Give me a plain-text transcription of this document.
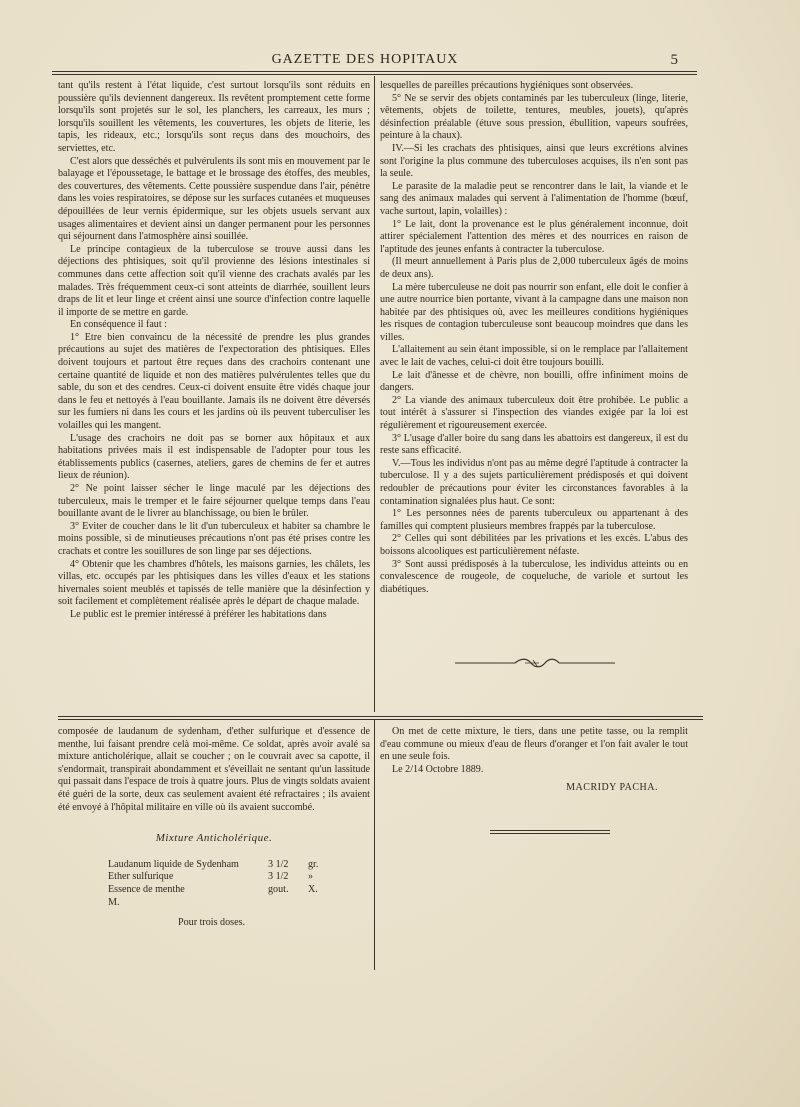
GAZETTE DES HOPITAUX	5

tant qu'ils restent à l'état liquide, c'est surtout lorsqu'ils sont réduits en poussière qu'ils deviennent dangereux. Ils revêtent promptement cette forme lorsqu'ils sont projetés sur le sol, les planchers, les carreaux, les murs ; lorsqu'ils souillent les vêtements, les couvertures, les objets de literie, les tapis, les rideaux, etc.; lorsqu'ils sont reçus dans des mouchoirs, des serviettes, etc.

C'est alors que desséchés et pulvérulents ils sont mis en mouvement par le balayage et l'époussetage, le battage et le brossage des étoffes, des meubles, des couvertures, des vêtements. Cette poussière suspendue dans l'air, pénètre dans les voies respiratoires, se dépose sur les surfaces cutanées et muqueuses dépouillées de leur vernis épidermique, sur les objets usuels servant aux usages alimentaires et devient ainsi un danger permanent pour les personnes qui séjournent dans l'atmosphère ainsi souillée.

Le principe contagieux de la tuberculose se trouve aussi dans les déjections des phtisiques, soit qu'il provienne des lésions intestinales si communes dans cette affection soit qu'il vienne des crachats avalés par les malades. Très fréquemment ceux-ci sont atteints de diarrhée, souillent leurs draps de lit et leur linge et créent ainsi une source d'infection contre laquelle il importe de se mettre en garde.

En conséquence il faut :

1° Etre bien convaincu de la nécessité de prendre les plus grandes précautions au sujet des matières de l'expectoration des phtisiques. Elles doivent toujours et partout être reçues dans des crachoirs contenant une certaine quantité de liquide et non des matières pulvérulentes telles que du sable, du son et des cendres. Ceux-ci doivent ensuite être vidés chaque jour dans le feu et nettoyés à l'eau bouillante. Jamais ils ne doivent être déversés sur les fumiers ni dans les cours et les jardins où ils peuvent tuberculiser les volailles qui les mangent.

L'usage des crachoirs ne doit pas se borner aux hôpitaux et aux habitations privées mais il est indispensable de l'adopter pour tous les établissements publics (casernes, ateliers, gares de chemins de fer et autres lieux de réunion).

2° Ne point laisser sécher le linge maculé par les déjections des tuberculeux, mais le tremper et le faire séjourner quelque temps dans l'eau bouillante avant de le livrer au blanchissage, ou bien le brûler.

3° Eviter de coucher dans le lit d'un tuberculeux et habiter sa chambre le moins possible, si de minutieuses précautions n'ont pas été prises contre les crachats et contre les souillures de son linge par ses déjections.

4° Obtenir que les chambres d'hôtels, les maisons garnies, les châlets, les villas, etc. occupés par les phtisiques dans les villes d'eaux et les stations hivernales soient meublés et tapissés de telle manière que la désinfection y soit facilement et complètement réalisée après le départ de chaque malade.

Le public est le premier intéressé à préférer les habitations dans

lesquelles de pareilles précautions hygiéniques sont observées.

5° Ne se servir des objets contaminés par les tuberculeux (linge, literie, vêtements, objets de toilette, tentures, meubles, jouets), qu'après désinfection préalable (étuve sous pression, ébullition, vapeurs soufrées, peinture à la chaux).

IV.—Si les crachats des phtisiques, ainsi que leurs excrétions alvines sont l'origine la plus commune des tuberculoses acquises, ils n'en sont pas la seule.

Le parasite de la maladie peut se rencontrer dans le lait, la viande et le sang des animaux malades qui servent à l'alimentation de l'homme (bœuf, vache surtout, lapin, volailles) :

1° Le lait, dont la provenance est le plus généralement inconnue, doit attirer spécialement l'attention des mères et des nourrices en raison de l'aptitude des jeunes enfants à contracter la tuberculose.

(Il meurt annuellement à Paris plus de 2,000 tuberculeux âgés de moins de deux ans).

La mère tuberculeuse ne doit pas nourrir son enfant, elle doit le confier à une autre nourrice bien portante, vivant à la campagne dans une maison non habitée par des phtisiques où, avec les meilleures conditions hygiéniques les risques de contagion tuberculeuse sont beaucoup moindres que dans les villes.

L'allaitement au sein étant impossible, si on le remplace par l'allaitement avec le lait de vaches, celui-ci doit être toujours bouilli.

Le lait d'ânesse et de chèvre, non bouilli, offre infiniment moins de dangers.

2° La viande des animaux tuberculeux doit être prohibée. Le public a tout intérêt à s'assurer si l'inspection des viandes exigée par la loi est régulièrement et rigoureusement exercée.

3° L'usage d'aller boire du sang dans les abattoirs est dangereux, il est du reste sans efficacité.

V.—Tous les individus n'ont pas au même degré l'aptitude à contracter la tuberculose. Il y a des sujets particulièrement prédisposés et qui doivent redoubler de précautions pour éviter les circonstances favorables à la contamination signalées plus haut. Ce sont:

1° Les personnes nées de parents tuberculeux ou appartenant à des familles qui comptent plusieurs membres frappés par la tuberculose.

2° Celles qui sont débilitées par les privations et les excès. L'abus des boissons alcooliques est particulièrement néfaste.

3° Sont aussi prédisposés à la tuberculose, les individus atteints ou en convalescence de rougeole, de coqueluche, de variole et surtout les diabétiques.

composée de laudanum de sydenham, d'ether sulfurique et d'essence de menthe, lui faisant prendre celà moi-même. Ce soldat, après avoir avalé sa mixture anticholérique, allait se coucher ; on le couvrait avec sa capotte, il s'endormait, transpirait abondamment et s'éveillait ne sentant qu'un lassitude qui passait dans l'espace de trois à quatre jours. Plus de vingts soldats avaient été guéri de la sorte, deux cas seulement avaient été refractaires ; ils avaient été envoyé à l'hôpital militaire en ville où ils avaient succombé.

Mixture Anticholérique.
Laudanum liquide de Sydenham	3 1/2	gr.
Ether sulfurique	3 1/2	»
Essence de menthe	gout.	X.
M.		
Pour trois doses.

On met de cette mixture, le tiers, dans une petite tasse, ou la remplit d'eau commune ou mieux d'eau de fleurs d'oranger et l'on fait avaler le tout en une seule fois.

Le 2/14 Octobre 1889.

MACRIDY PACHA.
